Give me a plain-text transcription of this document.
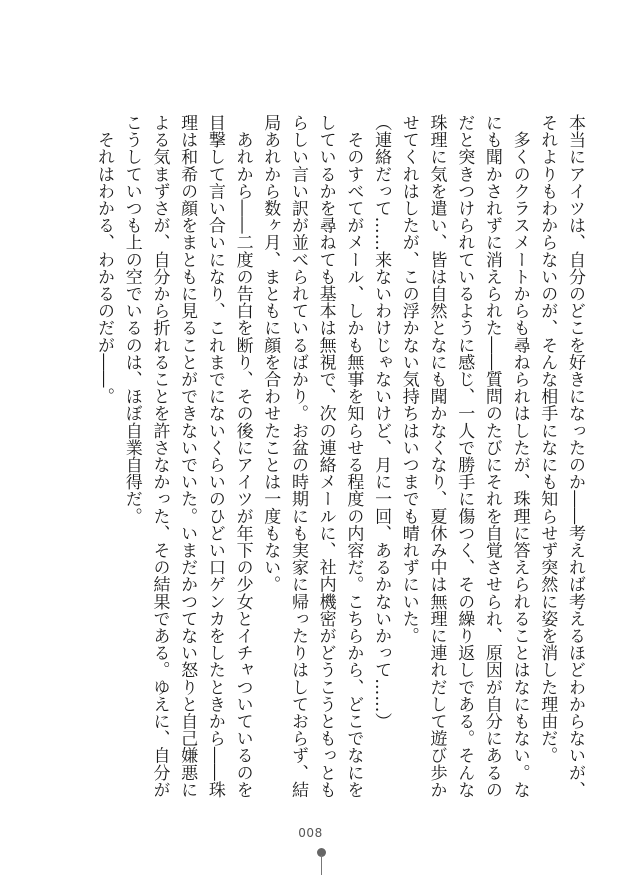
本当にアイツは、自分のどこを好きになったのか――考えれば考えるほどわからないが、
それよりもわからないのが、そんな相手になにも知らせず突然に姿を消した理由だ。
　多くのクラスメートからも尋ねられはしたが、珠理に答えられることはなにもない。な
にも聞かされずに消えられた――質問のたびにそれを自覚させられ、原因が自分にあるの
だと突きつけられているように感じ、一人で勝手に傷つく、その繰り返しである。そんな
珠理に気を遣い、皆は自然となにも聞かなくなり、夏休み中は無理に連れだして遊び歩か
せてくれはしたが、この浮かない気持ちはいつまでも晴れずにいた。
（連絡だって……来ないわけじゃないけど、月に一回、あるかないかって……）
　そのすべてがメール、しかも無事を知らせる程度の内容だ。こちらから、どこでなにを
しているかを尋ねても基本は無視で、次の連絡メールに、社内機密がどうこうともっとも
らしい言い訳が並べられているばかり。お盆の時期にも実家に帰ったりはしておらず、結
局あれから数ヶ月、まともに顔を合わせたことは一度もない。
　あれから――二度の告白を断り、その後にアイツが年下の少女とイチャついているのを
目撃して言い合いになり、これまでにないくらいのひどい口ゲンカをしたときから――珠
理は和希の顔をまともに見ることができないでいた。いまだかつてない怒りと自己嫌悪に
よる気まずさが、自分から折れることを許さなかった、その結果である。ゆえに、自分が
こうしていつも上の空でいるのは、ほぼ自業自得だ。
　それはわかる、わかるのだが――。
008
